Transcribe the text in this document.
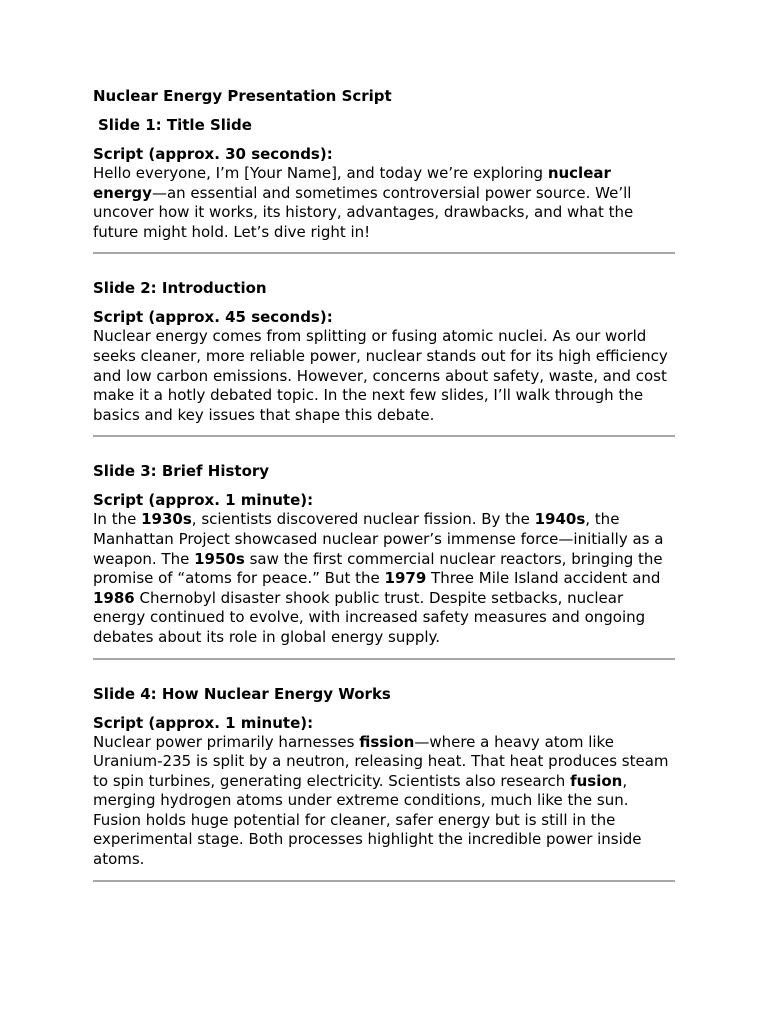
Nuclear Energy Presentation Script
Slide 1: Title Slide
Script (approx. 30 seconds):

Hello everyone, I’m [Your Name], and today we’re exploring nuclear energy—an essential and sometimes controversial power source. We’ll uncover how it works, its history, advantages, drawbacks, and what the future might hold. Let’s dive right in!

Slide 2: Introduction
Script (approx. 45 seconds):

Nuclear energy comes from splitting or fusing atomic nuclei. As our world seeks cleaner, more reliable power, nuclear stands out for its high efficiency and low carbon emissions. However, concerns about safety, waste, and cost make it a hotly debated topic. In the next few slides, I’ll walk through the basics and key issues that shape this debate.

Slide 3: Brief History
Script (approx. 1 minute):

In the 1930s, scientists discovered nuclear fission. By the 1940s, the Manhattan Project showcased nuclear power’s immense force—initially as a weapon. The 1950s saw the first commercial nuclear reactors, bringing the promise of “atoms for peace.” But the 1979 Three Mile Island accident and 1986 Chernobyl disaster shook public trust. Despite setbacks, nuclear energy continued to evolve, with increased safety measures and ongoing debates about its role in global energy supply.

Slide 4: How Nuclear Energy Works
Script (approx. 1 minute):

Nuclear power primarily harnesses fission—where a heavy atom like Uranium-235 is split by a neutron, releasing heat. That heat produces steam to spin turbines, generating electricity. Scientists also research fusion, merging hydrogen atoms under extreme conditions, much like the sun. Fusion holds huge potential for cleaner, safer energy but is still in the experimental stage. Both processes highlight the incredible power inside atoms.
